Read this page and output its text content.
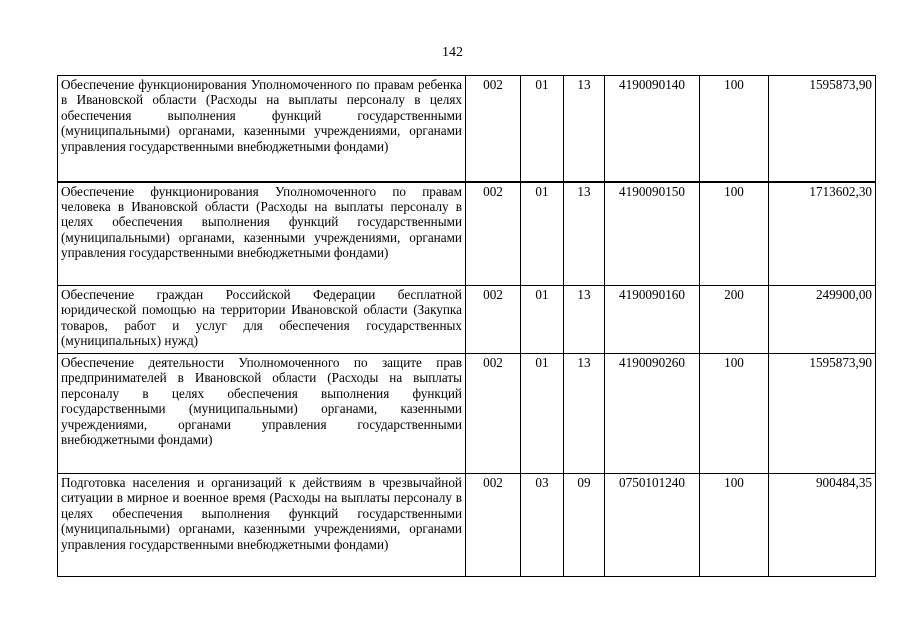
142
Обеспечение функционирования Уполномоченного по правам ребенка в Ивановской области (Расходы на выплаты персоналу в целях обеспечения выполнения функций государственными (муниципальными) органами, казенными учреждениями, органами управления государственными внебюджетными фондами)	002	01	13	4190090140	100	1595873,90
Обеспечение функционирования Уполномоченного по правам человека в Ивановской области (Расходы на выплаты персоналу в целях обеспечения выполнения функций государственными (муниципальными) органами, казенными учреждениями, органами управления государственными внебюджетными фондами)	002	01	13	4190090150	100	1713602,30
Обеспечение граждан Российской Федерации бесплатной юридической помощью на территории Ивановской области (Закупка товаров, работ и услуг для обеспечения государственных (муниципальных) нужд)	002	01	13	4190090160	200	249900,00
Обеспечение деятельности Уполномоченного по защите прав предпринимателей в Ивановской области (Расходы на выплаты персоналу в целях обеспечения выполнения функций государственными (муниципальными) органами, казенными учреждениями, органами управления государственными внебюджетными фондами)	002	01	13	4190090260	100	1595873,90
Подготовка населения и организаций к действиям в чрезвычайной ситуации в мирное и военное время (Расходы на выплаты персоналу в целях обеспечения выполнения функций государственными (муниципальными) органами, казенными учреждениями, органами управления государственными внебюджетными фондами)	002	03	09	0750101240	100	900484,35
